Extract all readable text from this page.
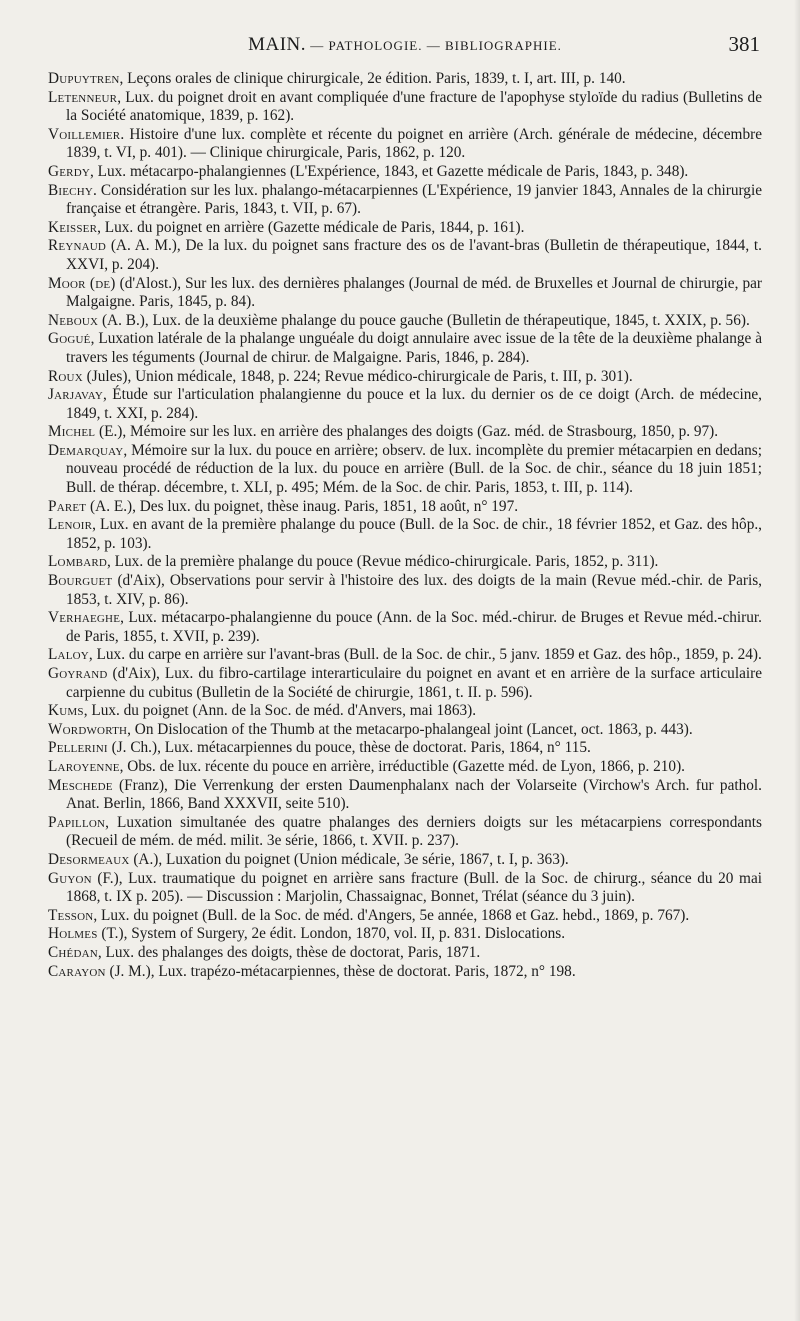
MAIN. — PATHOLOGIE. — BIBLIOGRAPHIE.	381

Dupuytren, Leçons orales de clinique chirurgicale, 2e édition. Paris, 1839, t. I, art. III, p. 140.

Letenneur, Lux. du poignet droit en avant compliquée d'une fracture de l'apophyse styloïde du radius (Bulletins de la Société anatomique, 1839, p. 162).

Voillemier. Histoire d'une lux. complète et récente du poignet en arrière (Arch. générale de médecine, décembre 1839, t. VI, p. 401). — Clinique chirurgicale, Paris, 1862, p. 120.

Gerdy, Lux. métacarpo-phalangiennes (L'Expérience, 1843, et Gazette médicale de Paris, 1843, p. 348).

Biechy. Considération sur les lux. phalango-métacarpiennes (L'Expérience, 19 janvier 1843, Annales de la chirurgie française et étrangère. Paris, 1843, t. VII, p. 67).

Keisser, Lux. du poignet en arrière (Gazette médicale de Paris, 1844, p. 161).

Reynaud (A. A. M.), De la lux. du poignet sans fracture des os de l'avant-bras (Bulletin de thérapeutique, 1844, t. XXVI, p. 204).

Moor (de) (d'Alost.), Sur les lux. des dernières phalanges (Journal de méd. de Bruxelles et Journal de chirurgie, par Malgaigne. Paris, 1845, p. 84).

Neboux (A. B.), Lux. de la deuxième phalange du pouce gauche (Bulletin de thérapeutique, 1845, t. XXIX, p. 56).

Gogué, Luxation latérale de la phalange unguéale du doigt annulaire avec issue de la tête de la deuxième phalange à travers les téguments (Journal de chirur. de Malgaigne. Paris, 1846, p. 284).

Roux (Jules), Union médicale, 1848, p. 224; Revue médico-chirurgicale de Paris, t. III, p. 301).

Jarjavay, Étude sur l'articulation phalangienne du pouce et la lux. du dernier os de ce doigt (Arch. de médecine, 1849, t. XXI, p. 284).

Michel (E.), Mémoire sur les lux. en arrière des phalanges des doigts (Gaz. méd. de Strasbourg, 1850, p. 97).

Demarquay, Mémoire sur la lux. du pouce en arrière; observ. de lux. incomplète du premier métacarpien en dedans; nouveau procédé de réduction de la lux. du pouce en arrière (Bull. de la Soc. de chir., séance du 18 juin 1851; Bull. de thérap. décembre, t. XLI, p. 495; Mém. de la Soc. de chir. Paris, 1853, t. III, p. 114).

Paret (A. E.), Des lux. du poignet, thèse inaug. Paris, 1851, 18 août, n° 197.

Lenoir, Lux. en avant de la première phalange du pouce (Bull. de la Soc. de chir., 18 février 1852, et Gaz. des hôp., 1852, p. 103).

Lombard, Lux. de la première phalange du pouce (Revue médico-chirurgicale. Paris, 1852, p. 311).

Bourguet (d'Aix), Observations pour servir à l'histoire des lux. des doigts de la main (Revue méd.-chir. de Paris, 1853, t. XIV, p. 86).

Verhaeghe, Lux. métacarpo-phalangienne du pouce (Ann. de la Soc. méd.-chirur. de Bruges et Revue méd.-chirur. de Paris, 1855, t. XVII, p. 239).

Laloy, Lux. du carpe en arrière sur l'avant-bras (Bull. de la Soc. de chir., 5 janv. 1859 et Gaz. des hôp., 1859, p. 24).

Goyrand (d'Aix), Lux. du fibro-cartilage interarticulaire du poignet en avant et en arrière de la surface articulaire carpienne du cubitus (Bulletin de la Société de chirurgie, 1861, t. II. p. 596).

Kums, Lux. du poignet (Ann. de la Soc. de méd. d'Anvers, mai 1863).

Wordworth, On Dislocation of the Thumb at the metacarpo-phalangeal joint (Lancet, oct. 1863, p. 443).

Pellerini (J. Ch.), Lux. métacarpiennes du pouce, thèse de doctorat. Paris, 1864, n° 115.

Laroyenne, Obs. de lux. récente du pouce en arrière, irréductible (Gazette méd. de Lyon, 1866, p. 210).

Meschede (Franz), Die Verrenkung der ersten Daumenphalanx nach der Volarseite (Virchow's Arch. fur pathol. Anat. Berlin, 1866, Band XXXVII, seite 510).

Papillon, Luxation simultanée des quatre phalanges des derniers doigts sur les métacarpiens correspondants (Recueil de mém. de méd. milit. 3e série, 1866, t. XVII. p. 237).

Desormeaux (A.), Luxation du poignet (Union médicale, 3e série, 1867, t. I, p. 363).

Guyon (F.), Lux. traumatique du poignet en arrière sans fracture (Bull. de la Soc. de chirurg., séance du 20 mai 1868, t. IX p. 205). — Discussion : Marjolin, Chassaignac, Bonnet, Trélat (séance du 3 juin).

Tesson, Lux. du poignet (Bull. de la Soc. de méd. d'Angers, 5e année, 1868 et Gaz. hebd., 1869, p. 767).

Holmes (T.), System of Surgery, 2e édit. London, 1870, vol. II, p. 831. Dislocations.

Chédan, Lux. des phalanges des doigts, thèse de doctorat, Paris, 1871.

Carayon (J. M.), Lux. trapézo-métacarpiennes, thèse de doctorat. Paris, 1872, n° 198.
